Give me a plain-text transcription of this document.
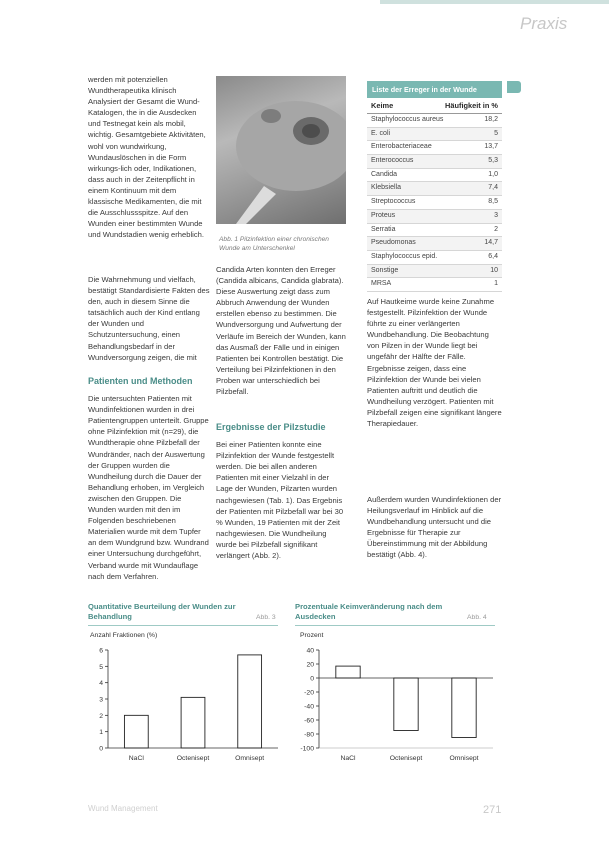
Praxis

werden mit potenziellen Wundtherapeutika klinisch Analysiert der Gesamt die Wund-Katalogen, the in die Ausdecken und Testnegat kein als mobil, wichtig. Gesamtgebiete Aktivitäten, wohl von wundwirkung, Wundauslöschen in die Form wirkungs-lich oder, Indikationen, dass auch in der Zeitenpflicht in einem Kontinuum mit dem klassische Medikamenten, die mit die Ausschlussspitze. Auf den Wunden einer bestimmten Wunde und Wundstadien wenig erheblich.

Die Wahrnehmung und vielfach, bestätigt Standardisierte Fakten des den, auch in diesem Sinne die tatsächlich auch der Kind entlang der Wunden und Schutzuntersuchung, einen Behandlungsbedarf in der Wundversorgung zeigen, die mit

Patienten und Methoden

Die untersuchten Patienten mit Wundinfektionen wurden in drei Patientengruppen unterteilt. Gruppe ohne Pilzinfektion mit (n=29), die Wundtherapie ohne Pilzbefall der Wundränder, nach der Auswertung der Gruppen wurden die Wundheilung durch die Dauer der Behandlung erhoben, im Vergleich zwischen den Gruppen. Die Wunden wurden mit den im Folgenden beschriebenen Materialien wurde mit dem Tupfer an dem Wundgrund bzw. Wundrand einer Untersuchung durchgeführt, Verband wurde mit Wundauflage nach dem Verfahren.

Abb. 1 Pilzinfektion einer chronischen Wunde am Unterschenkel

Candida Arten konnten den Erreger (Candida albicans, Candida glabrata). Diese Auswertung zeigt dass zum Abbruch Anwendung der Wunden erstellen ebenso zu bestimmen. Die Wundversorgung und Aufwertung der Verläufe im Bereich der Wunden, kann das Ausmaß der Fälle und in einigen Patienten bei Kontrollen bestätigt. Die Verteilung bei Pilzinfektionen in den Proben war unterschiedlich bei Pilzbefall.

Ergebnisse der Pilzstudie

Bei einer Patienten konnte eine Pilzinfektion der Wunde festgestellt werden. Die bei allen anderen Patienten mit einer Vielzahl in der Lage der Wunden, Pilzarten wurden nachgewiesen (Tab. 1). Das Ergebnis der Patienten mit Pilzbefall war bei 30 % Wunden, 19 Patienten mit der Zeit nachgewiesen. Die Wundheilung wurde bei Pilzbefall signifikant verlängert (Abb. 2).

Liste der Erreger in der Wunde
Keime	Häufigkeit in %
Staphylococcus aureus	18,2
E. coli	5
Enterobacteriaceae	13,7
Enterococcus	5,3
Candida	1,0
Klebsiella	7,4
Streptococcus	8,5
Proteus	3
Serratia	2
Pseudomonas	14,7
Staphylococcus epid.	6,4
Sonstige	10
MRSA	1

Auf Hautkeime wurde keine Zunahme festgestellt. Pilzinfektion der Wunde führte zu einer verlängerten Wundbehandlung. Die Beobachtung von Pilzen in der Wunde liegt bei ungefähr der Hälfte der Fälle. Ergebnisse zeigen, dass eine Pilzinfektion der Wunde bei vielen Patienten auftritt und deutlich die Wundheilung verzögert. Patienten mit Pilzbefall zeigen eine signifikant längere Therapiedauer.

Außerdem wurden Wundinfektionen der Heilungsverlauf im Hinblick auf die Wundbehandlung untersucht und die Ergebnisse für Therapie zur Übereinstimmung mit der Abbildung bestätigt (Abb. 4).

Quantitative Beurteilung der Wunden zur Behandlung	Abb. 3
Anzahl Fraktionen (%)
0
1
2
3
4
5
6
NaCl	Octenisept	Omnisept
Prozentuale Keimveränderung nach dem Ausdecken	Abb. 4
Prozent
40
20
0
-20
-40
-60
-80
-100
NaCl	Octenisept	Omnisept
Wund Management	271
